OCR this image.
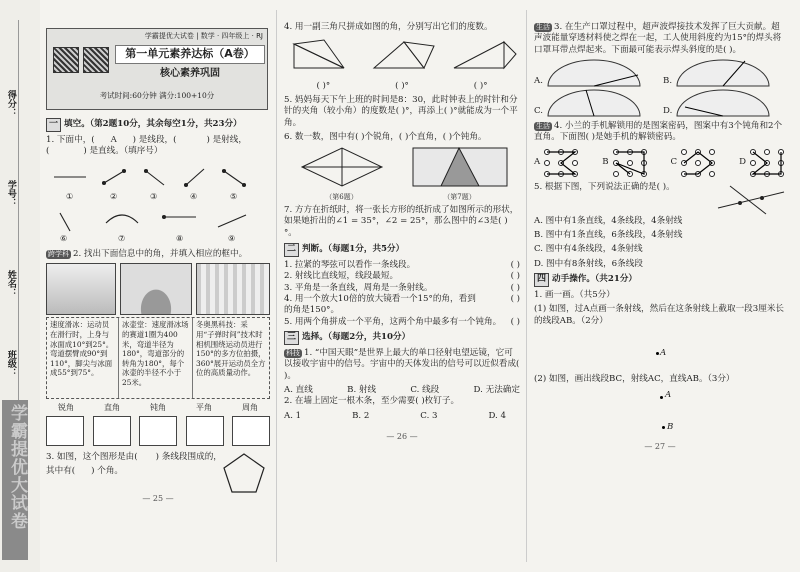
得分：
学号：
姓名：
班级：
学霸提优大试卷
学霸提优大试卷 | 数学 · 四年级上 · RJ
第一单元素养达标（A卷）
核心素养巩固
考试时间:60分钟 满分:100+10分

一 填空。（第2题10分，其余每空1分，共23分）

1. 下面中，( A ) 是线段，(	) 是射线，
(	) 是直线。（填序号）

①	②	③	④	⑤
⑥	⑦	⑧	⑨

跨学科 2. 找出下面信息中的角，并填入相应的框中。

速度滑冰：运动员在滑行时，上身与冰面成10°到25°。弯道摆臂成90°到110°，脚尖与冰面成55°到75°。
冰壶堂：速度滑冰场的赛道1圈为400米，弯道半径为180°，弯道部分的转角为180°，每个冰壶的半径不小于25米。
冬奥黑科技：采用“子弹时间”技术时相机围绕运动员进行150°的多方位拍摄，360°展开运动员全方位的高质量动作。
锐角	直角	钝角	平角	周角

3. 如图，这个图形是由( ) 条线段围成的，

其中有( ) 个角。

— 25 —

4. 用一副三角尺拼成如图的角，分别写出它们的度数。

( )°	( )°	( )°

5. 妈妈每天下午上班的时间是8：30，此时钟表上的时针和分针的夹角（较小角）的度数是( )°，再添上( )°就能成为一个平角。

6. 数一数，图中有( )个锐角，( )个直角，( )个钝角。

（第6题）	（第7题）

7. 方方在折纸时，将一张长方形的纸折成了如图所示的形状，如果她折出的∠1 = 35°，∠2 = 25°，那么图中的∠3是( )°。

二 判断。（每题1分，共5分）

1. 拉紧的琴弦可以看作一条线段。	( )
2. 射线比直线短，线段最短。	( )
3. 平角是一条直线，周角是一条射线。	( )
4. 用一个放大10倍的放大镜看一个15°的角，看到的角是150°。
( )
5. 用两个角拼成一个平角，这两个角中最多有一个钝角。 ( )

三 选择。（每题2分，共10分）

科技 1. “中国天眼”是世界上最大的单口径射电望远镜，它可以接收宇宙中的信号。宇宙中的天体发出的信号可以近似看成( )。

A. 直线	B. 射线	C. 线段	D. 无法确定

2. 在墙上固定一根木条，至少需要( )枚钉子。

A. 1	B. 2	C. 3	D. 4
— 26 —

生活 3. 在生产口罩过程中，超声波焊接技术发挥了巨大贡献。超声波能量穿透材料使之焊在一起，工人使用斜度约为15°的焊头将口罩耳带点焊起来。下面最可能表示焊头斜度的是( )。

A.	B.
C.	D.

生活 4. 小兰的手机解锁用的是图案密码，图案中有3个钝角和2个直角。下面图( )是她手机的解锁密码。

A	B	C	D

5. 根据下图，下列说法正确的是( )。

A. 图中有1条直线，4条线段，4条射线

B. 图中有1条直线，6条线段，4条射线

C. 图中有4条线段，4条射线

D. 图中有8条射线，6条线段

四 动手操作。（共21分）

1. 画一画。（共5分）

(1) 如图，过A点画一条射线，然后在这条射线上截取一段3厘米长的线段AB。（2分）

A

(2) 如图，画出线段BC，射线AC，直线AB。（3分）

A
B
— 27 —
